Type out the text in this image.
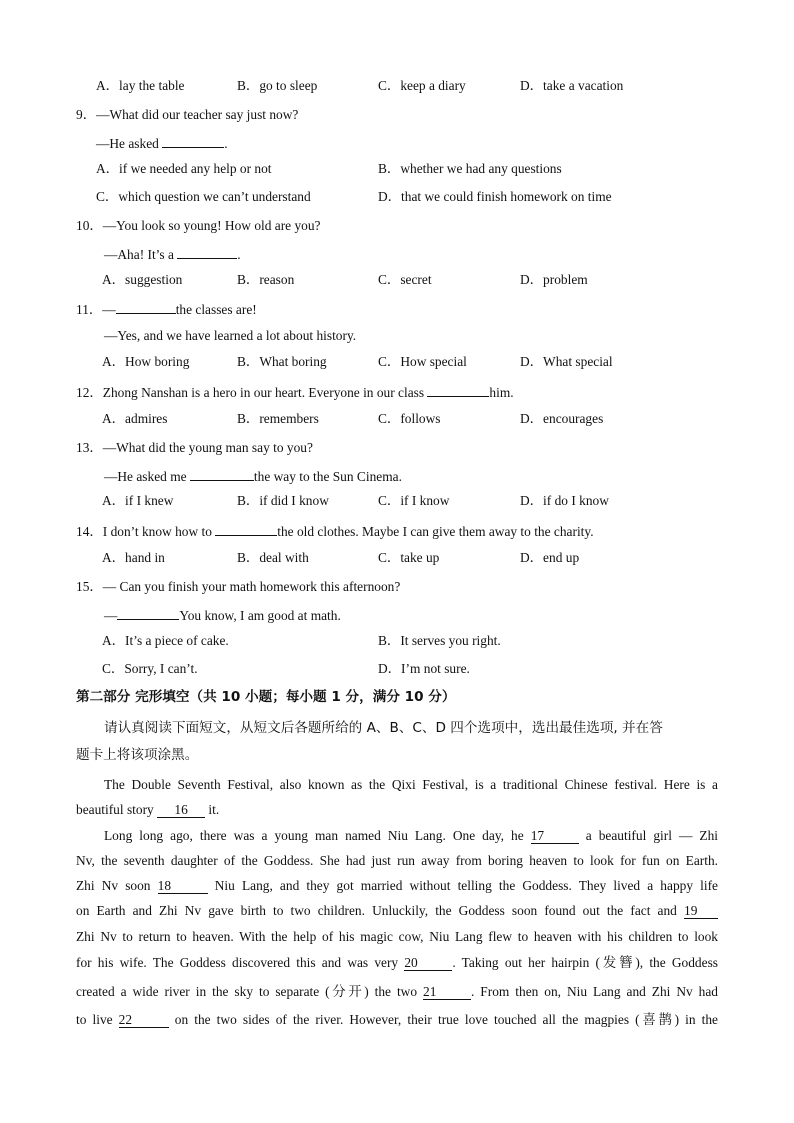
A．lay the table	B．go to sleep	C．keep a diary	D．take a vacation
9．—What did our teacher say just now?
—He asked	.
A．if we needed any help or not	B．whether we had any questions
C．which question we can’t understand	D．that we could finish homework on time
10．—You look so young! How old are you?
—Aha! It’s a	.
A．suggestion	B．reason	C．secret	D．problem
11．—	the classes are!
—Yes, and we have learned a lot about history.
A．How boring	B．What boring	C．How special	D．What special
12．Zhong Nanshan is a hero in our heart. Everyone in our class	him.
A．admires	B．remembers	C．follows	D．encourages
13．—What did the young man say to you?
—He asked me	the way to the Sun Cinema.
A．if I knew	B．if did I know	C．if I know	D．if do I know
14．I don’t know how to	the old clothes. Maybe I can give them away to the charity.
A．hand in	B．deal with	C．take up	D．end up
15．— Can you finish your math homework this afternoon?
—	You know, I am good at math.
A．It’s a piece of cake.	B．It serves you right.
C．Sorry, I can’t.	D．I’m not sure.
第二部分 完形填空（共 10 小题；每小题 1 分，满分 10 分）
请认真阅读下面短文，从短文后各题所给的 A、B、C、D 四个选项中，选出最佳选项, 并在答
题卡上将该项涂黑。
The Double Seventh Festival, also known as the Qixi Festival, is a traditional Chinese festival. Here is a
beautiful story 16 it.
Long long ago, there was a young man named Niu Lang. One day, he 17	a beautiful girl — Zhi
Nv, the seventh daughter of the Goddess. She had just run away from boring heaven to look for fun on Earth.
Zhi Nv soon 18	Niu Lang, and they got married without telling the Goddess. They lived a happy life
on Earth and Zhi Nv gave birth to two children. Unluckily, the Goddess soon found out the fact and 19
Zhi Nv to return to heaven. With the help of his magic cow, Niu Lang flew to heaven with his children to look
for his wife. The Goddess discovered this and was very 20	. Taking out her hairpin (发簪), the Goddess
created a wide river in the sky to separate (分开) the two 21	. From then on, Niu Lang and Zhi Nv had
to live 22	on the two sides of the river. However, their true love touched all the magpies (喜鹊) in the
